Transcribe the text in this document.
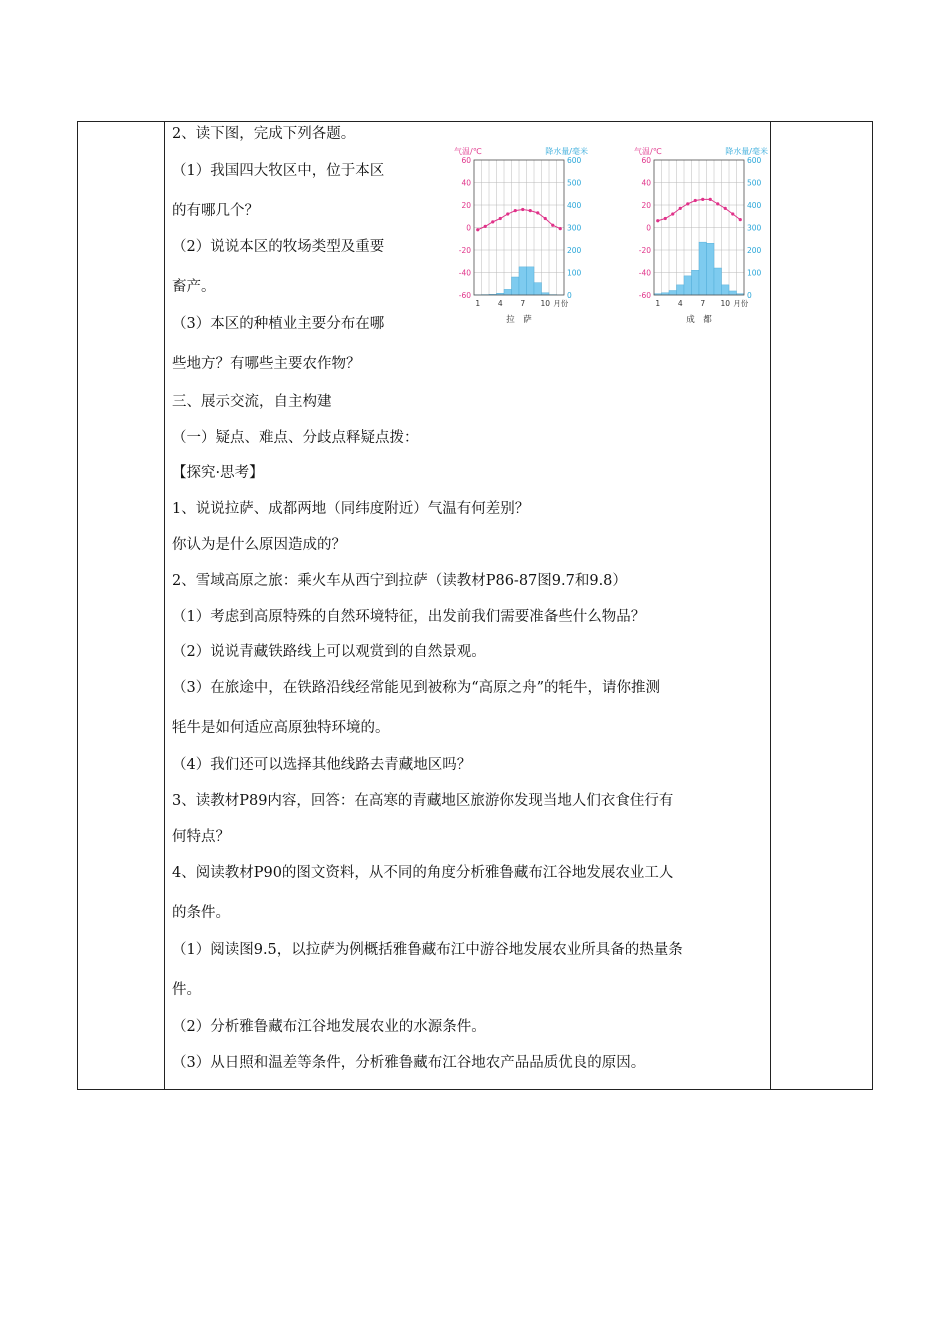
2、读下图，完成下列各题。
（1）我国四大牧区中，位于本区
的有哪几个？
（2）说说本区的牧场类型及重要
畜产。
（3）本区的种植业主要分布在哪
些地方？有哪些主要农作物？
三、展示交流，自主构建
（一）疑点、难点、分歧点释疑点拨：
【探究·思考】
1、说说拉萨、成都两地（同纬度附近）气温有何差别？
你认为是什么原因造成的？
2、雪域高原之旅：乘火车从西宁到拉萨（读教材P86-87图9.7和9.8）
（1）考虑到高原特殊的自然环境特征，出发前我们需要准备些什么物品？
（2）说说青藏铁路线上可以观赏到的自然景观。
（3）在旅途中，在铁路沿线经常能见到被称为“高原之舟”的牦牛，请你推测
牦牛是如何适应高原独特环境的。
（4）我们还可以选择其他线路去青藏地区吗？
3、读教材P89内容，回答：在高寒的青藏地区旅游你发现当地人们衣食住行有
何特点？
4、阅读教材P90的图文资料，从不同的角度分析雅鲁藏布江谷地发展农业工人
的条件。
（1）阅读图9.5，以拉萨为例概括雅鲁藏布江中游谷地发展农业所具备的热量条
件。
（2）分析雅鲁藏布江谷地发展农业的水源条件。
（3）从日照和温差等条件，分析雅鲁藏布江谷地农产品品质优良的原因。
气温/℃	降水量/毫米
60
40
20
0
-20
-40
-60
600
500
400
300
200
100
0
1 4 7 10 月份
拉　萨
气温/℃	降水量/毫米
60
40
20
0
-20
-40
-60
600
500
400
300
200
100
0
1 4 7 10 月份
成　都
